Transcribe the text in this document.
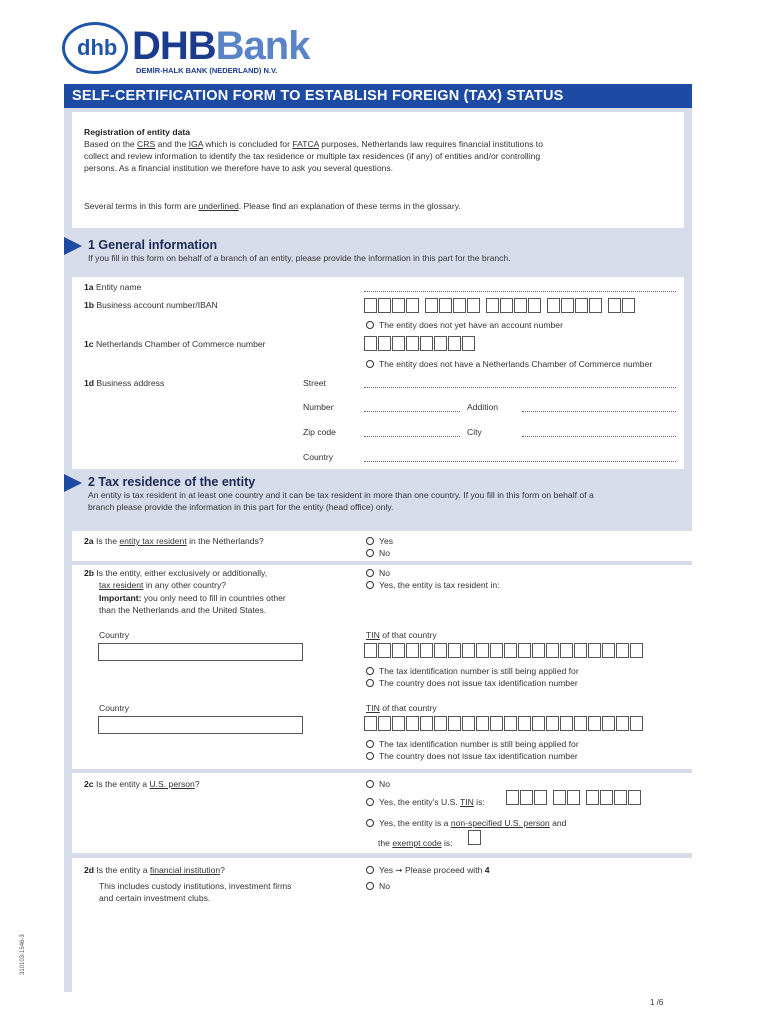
dhb DHBBank
DEMİR-HALK BANK (NEDERLAND) N.V.
SELF-CERTIFICATION FORM TO ESTABLISH FOREIGN (TAX) STATUS
Registration of entity data
Based on the CRS and the IGA which is concluded for FATCA purposes, Netherlands law requires financial institutions to
collect and review information to identify the tax residence or multiple tax residences (if any) of entities and/or controlling
persons. As a financial institution we therefore have to ask you several questions.
Several terms in this form are underlined. Please find an explanation of these terms in the glossary.
1 General information
If you fill in this form on behalf of a branch of an entity, please provide the information in this part for the branch.
1a Entity name
1b Business account number/IBAN
The entity does not yet have an account number
1c Netherlands Chamber of Commerce number
The entity does not have a Netherlands Chamber of Commerce number
1d Business address	Street
Number	Addition
Zip code	City
Country
2 Tax residence of the entity
An entity is tax resident in at least one country and it can be tax resident in more than one country. If you fill in this form on behalf of a
branch please provide the information in this part for the entity (head office) only.
2a Is the entity tax resident in the Netherlands?	Yes
No
2b Is the entity, either exclusively or additionally,
tax resident in any other country?
Important: you only need to fill in countries other
than the Netherlands and the United States.
No
Yes, the entity is tax resident in:
Country	TIN of that country
The tax identification number is still being applied for
The country does not issue tax identification number
Country	TIN of that country
The tax identification number is still being applied for
The country does not issue tax identification number
2c Is the entity a U.S. person?	No
Yes, the entity's U.S. TIN is:
Yes, the entity is a non-specified U.S. person and
the exempt code is:
2d Is the entity a financial institution?
This includes custody institutions, investment firms
and certain investment clubs.
Yes ➞ Please proceed with 4
No
310103-1546-3
1 /6
